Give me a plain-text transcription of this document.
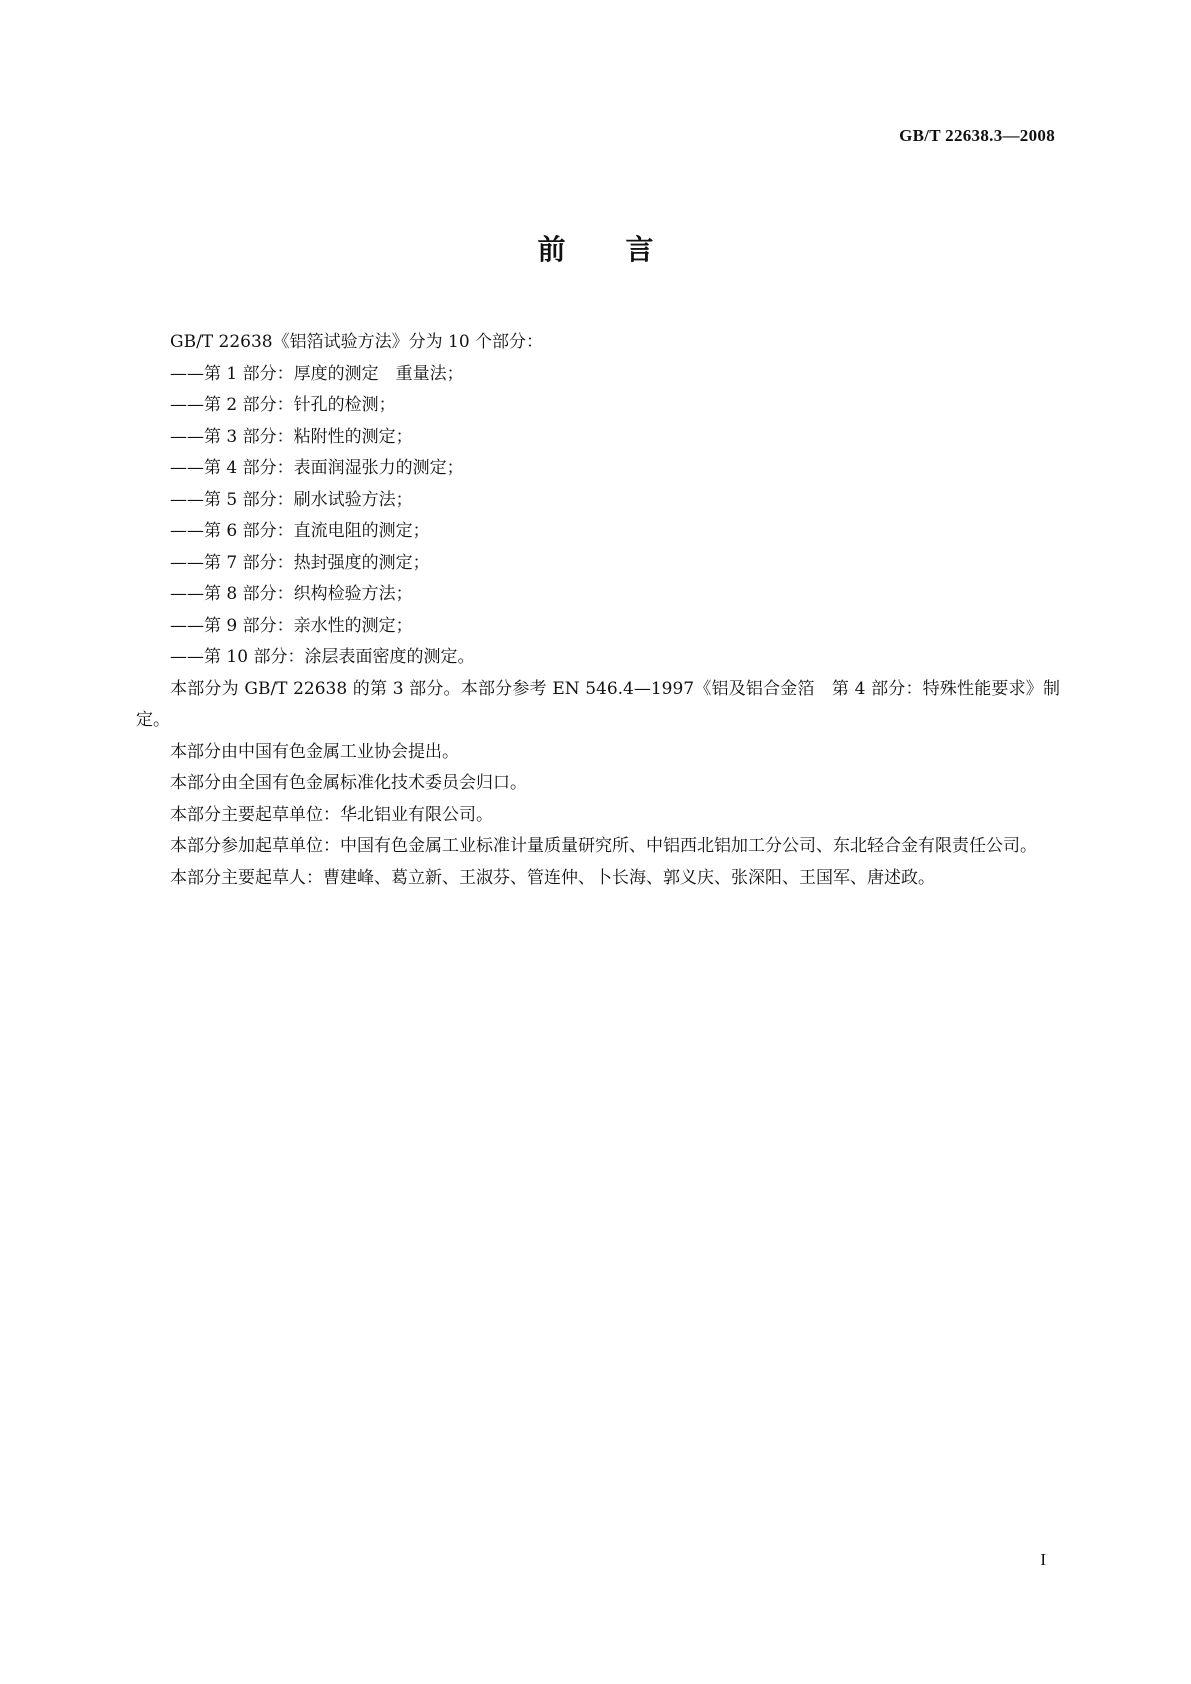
GB/T 22638.3—2008
前言

GB/T 22638《铝箔试验方法》分为 10 个部分：

——第 1 部分：厚度的测定　重量法；
——第 2 部分：针孔的检测；
——第 3 部分：粘附性的测定；
——第 4 部分：表面润湿张力的测定；
——第 5 部分：刷水试验方法；
——第 6 部分：直流电阻的测定；
——第 7 部分：热封强度的测定；
——第 8 部分：织构检验方法；
——第 9 部分：亲水性的测定；
——第 10 部分：涂层表面密度的测定。

本部分为 GB/T 22638 的第 3 部分。本部分参考 EN 546.4—1997《铝及铝合金箔　第 4 部分：特殊性能要求》制定。

本部分由中国有色金属工业协会提出。

本部分由全国有色金属标准化技术委员会归口。

本部分主要起草单位：华北铝业有限公司。

本部分参加起草单位：中国有色金属工业标准计量质量研究所、中铝西北铝加工分公司、东北轻合金有限责任公司。

本部分主要起草人：曹建峰、葛立新、王淑芬、管连仲、卜长海、郭义庆、张深阳、王国军、唐述政。

I
